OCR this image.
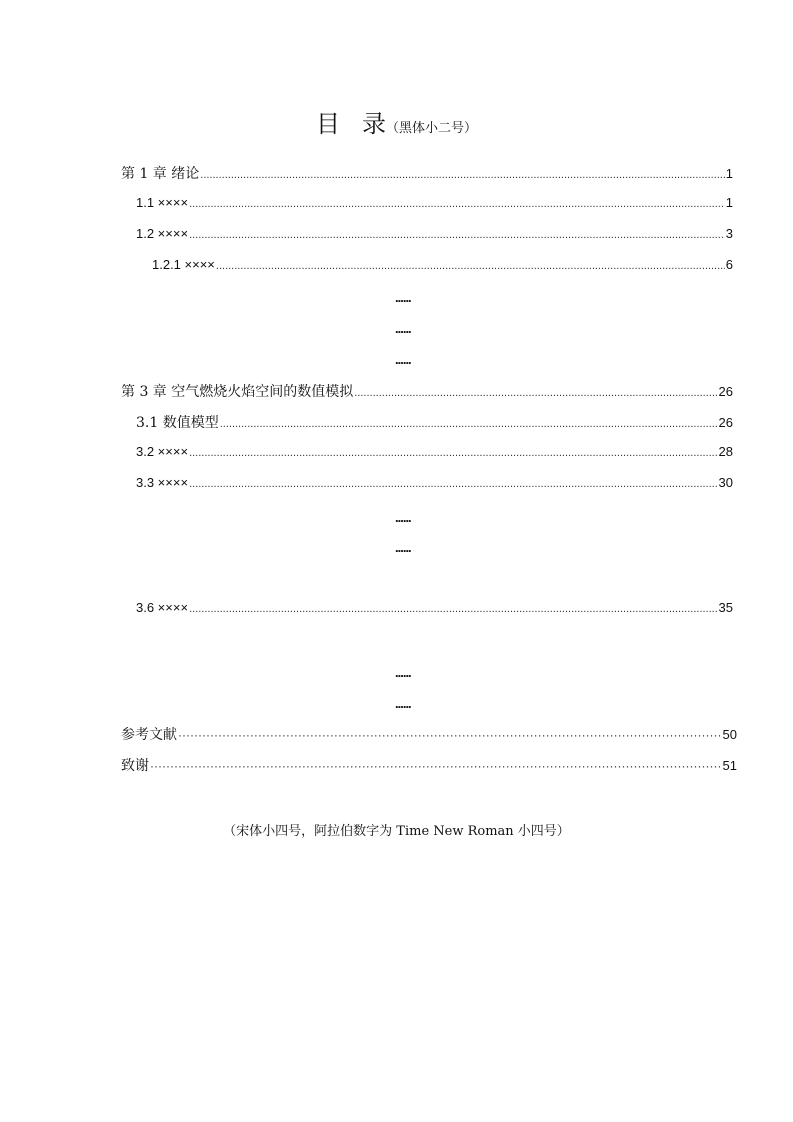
目 录（黑体小二号）
第 1 章 绪论 .....	1
1.1 ×××× .....	1
1.2 ×××× .....	3
1.2.1 ×××× .....	6
......
......
......
第 3 章 空气燃烧火焰空间的数值模拟 .....	26
3.1 数值模型 .....	26
3.2 ×××× .....	28
3.3 ×××× .....	30
......
......
3.6 ×××× .....	35
......
......
参考文献 ·····	50
致谢 ·····	51
（宋体小四号，阿拉伯数字为 Time New Roman 小四号）
